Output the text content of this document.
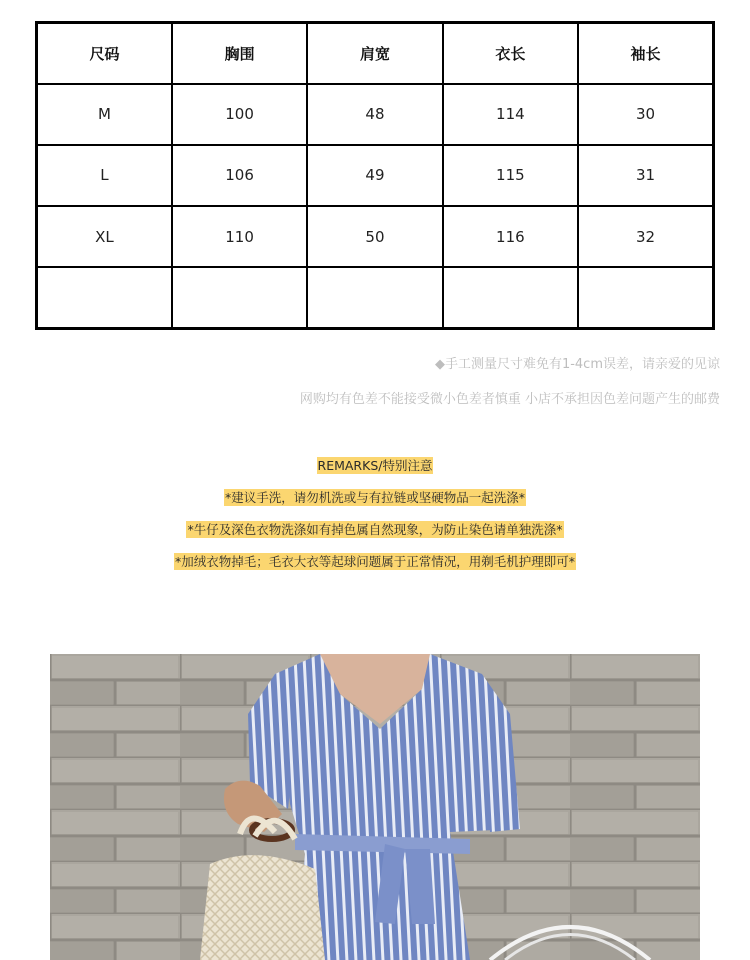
尺码	胸围	肩宽	衣长	袖长
M	100	48	114	30
L	106	49	115	31
XL	110	50	116	32

◆手工测量尺寸难免有1-4cm误差，请亲爱的见谅
网购均有色差不能接受微小色差者慎重 小店不承担因色差问题产生的邮费
REMARKS/特别注意
*建议手洗，请勿机洗或与有拉链或坚硬物品一起洗涤*
*牛仔及深色衣物洗涤如有掉色属自然现象，为防止染色请单独洗涤*
*加绒衣物掉毛；毛衣大衣等起球问题属于正常情况，用剃毛机护理即可*
